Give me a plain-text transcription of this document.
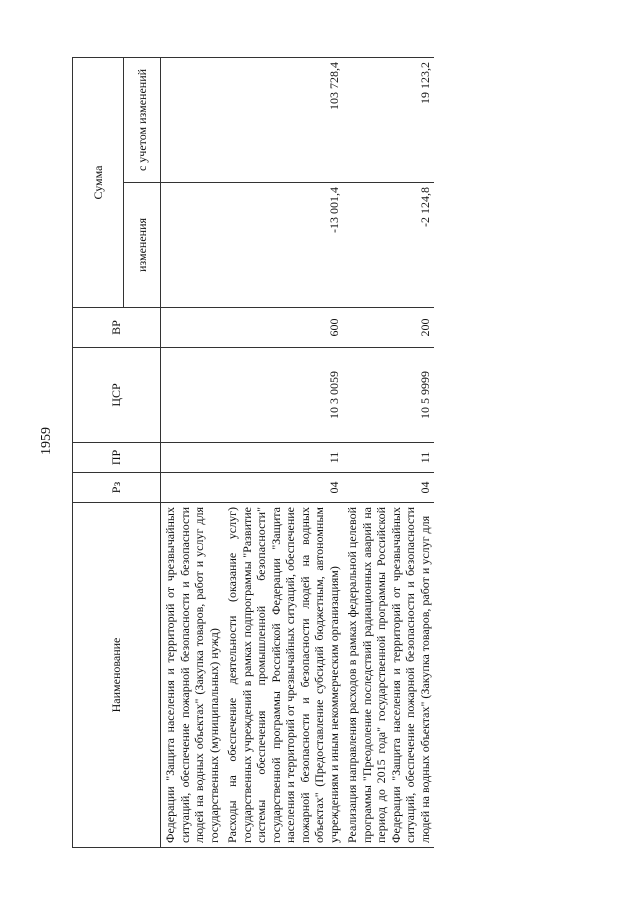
1959
Наименование	Рз	ПР	ЦСР	ВР	Сумма	
					изменения	с учетом изменений
Федерации "Защита населения и территорий от чрезвычайных ситуаций, обеспечение пожарной безопасности и безопасности людей на водных объектах" (Закупка товаров, работ и услуг для государственных (муниципальных) нужд)						
Расходы на обеспечение деятельности (оказание услуг) государственных учреждений в рамках подпрограммы "Развитие системы обеспечения промышленной безопасности" государственной программы Российской Федерации "Защита населения и территорий от чрезвычайных ситуаций, обеспечение пожарной безопасности и безопасности людей на водных объектах" (Предоставление субсидий бюджетным, автономным учреждениям и иным некоммерческим организациям)	04	11	10 3 0059	600	-13 001,4	103 728,4
Реализация направления расходов в рамках федеральной целевой программы "Преодоление последствий радиационных аварий на период до 2015 года" государственной программы Российской Федерации "Защита населения и территорий от чрезвычайных ситуаций, обеспечение пожарной безопасности и безопасности людей на водных объектах" (Закупка товаров, работ и услуг для	04	11	10 5 9999	200	-2 124,8	19 123,2
